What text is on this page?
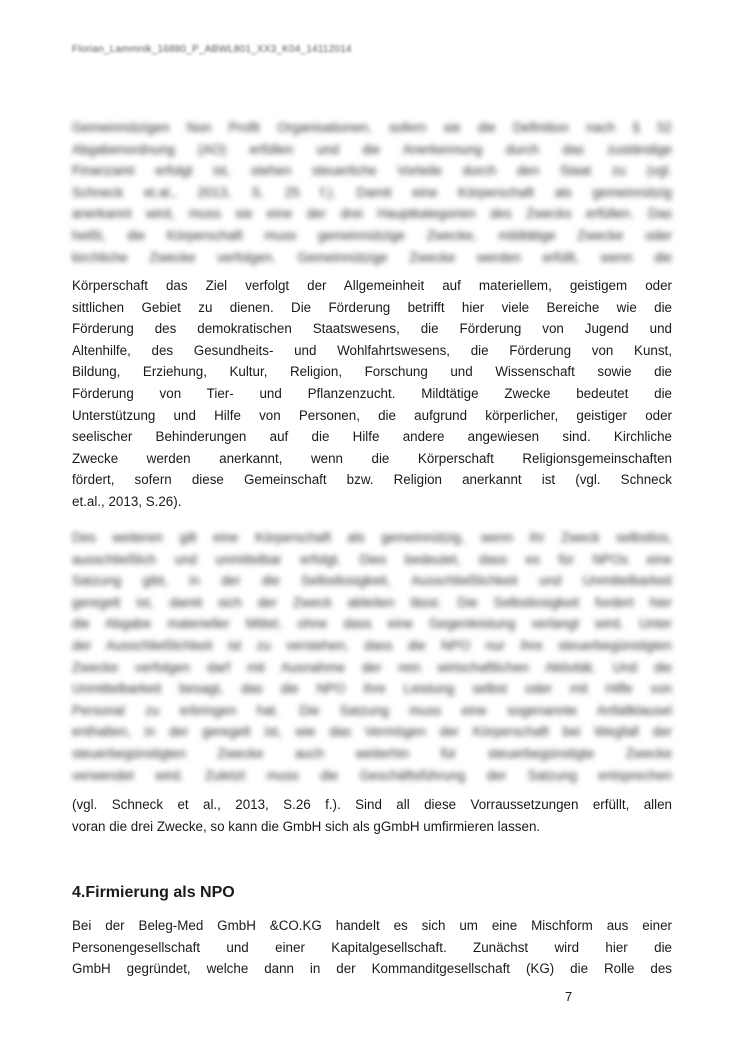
Florian_Lammnik_16880_P_ABWL801_XX3_K04_14112014
Gemeinnützigen Non Profit Organisationen, sofern sie die Definition nach § 52
Abgabenordnung (AO) erfüllen und die Anerkennung durch das zuständige
Finanzamt erfolgt ist, stehen steuerliche Vorteile durch den Staat zu (vgl.
Schneck et.al., 2013, S. 25 f.). Damit eine Körperschaft als gemeinnützig
anerkannt wird, muss sie eine der drei Hauptkategorien des Zwecks erfüllen. Das
heißt, die Körperschaft muss gemeinnützige Zwecke, mildtätige Zwecke oder
kirchliche Zwecke verfolgen. Gemeinnützige Zwecke werden erfüllt, wenn die
Körperschaft das Ziel verfolgt der Allgemeinheit auf materiellem, geistigem oder
sittlichen Gebiet zu dienen. Die Förderung betrifft hier viele Bereiche wie die
Förderung des demokratischen Staatswesens, die Förderung von Jugend und
Altenhilfe, des Gesundheits- und Wohlfahrtswesens, die Förderung von Kunst,
Bildung, Erziehung, Kultur, Religion, Forschung und Wissenschaft sowie die
Förderung von Tier- und Pflanzenzucht. Mildtätige Zwecke bedeutet die
Unterstützung und Hilfe von Personen, die aufgrund körperlicher, geistiger oder
seelischer Behinderungen auf die Hilfe andere angewiesen sind. Kirchliche
Zwecke werden anerkannt, wenn die Körperschaft Religionsgemeinschaften
fördert, sofern diese Gemeinschaft bzw. Religion anerkannt ist (vgl. Schneck
et.al., 2013, S.26).
Des weiteren gilt eine Körperschaft als gemeinnützig, wenn ihr Zweck selbstlos,
ausschließlich und unmittelbar erfolgt. Dies bedeutet, dass es für NPOs eine
Satzung gibt, in der die Selbstlosigkeit, Ausschließlichkeit und Unmittelbarkeit
geregelt ist, damit sich der Zweck ableiten lässt. Die Selbstlosigkeit fordert hier
die Abgabe materieller Mittel, ohne dass eine Gegenleistung verlangt wird. Unter
der Ausschließlichkeit ist zu verstehen, dass die NPO nur ihre steuerbegünstigten
Zwecke verfolgen darf mit Ausnahme der rein wirtschaftlichen Aktivität. Und die
Unmittelbarkeit besagt, das die NPO ihre Leistung selbst oder mit Hilfe von
Personal zu erbringen hat. Die Satzung muss eine sogenannte Anfallklausel
enthalten, in der geregelt ist, wie das Vermögen der Körperschaft bei Wegfall der
steuerbegünstigten Zwecke auch weiterhin für steuerbegünstigte Zwecke
verwendet wird. Zuletzt muss die Geschäftsführung der Satzung entsprechen
(vgl. Schneck et al., 2013, S.26 f.). Sind all diese Vorraussetzungen erfüllt, allen
voran die drei Zwecke, so kann die GmbH sich als gGmbH umfirmieren lassen.
4.Firmierung als NPO
Bei der Beleg-Med GmbH &CO.KG handelt es sich um eine Mischform aus einer
Personengesellschaft und einer Kapitalgesellschaft. Zunächst wird hier die
GmbH gegründet, welche dann in der Kommanditgesellschaft (KG) die Rolle des
7
